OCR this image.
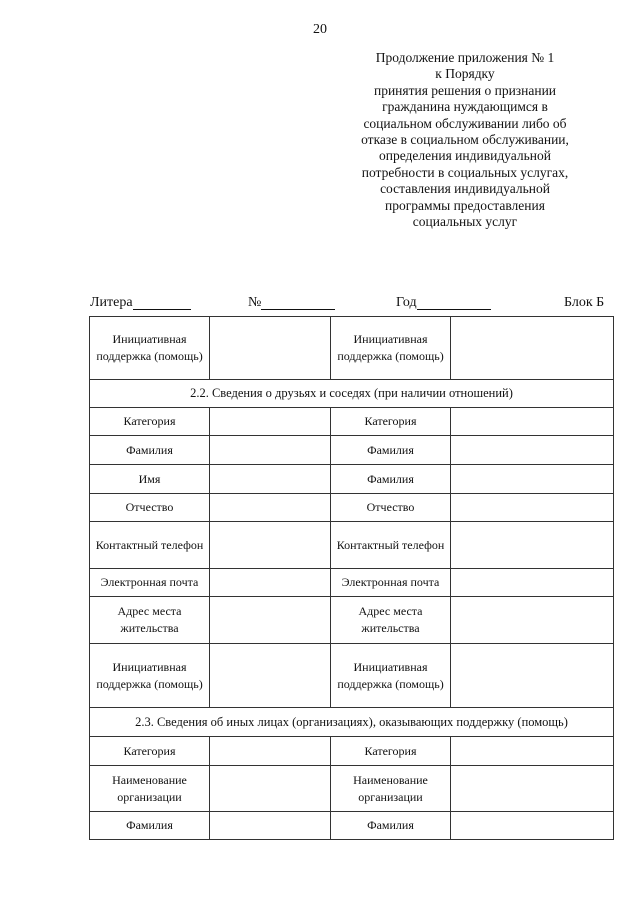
20
Продолжение приложения № 1
к Порядку
принятия решения о признании
гражданина нуждающимся в
социальном обслуживании либо об
отказе в социальном обслуживании,
определения индивидуальной
потребности в социальных услугах,
составления индивидуальной
программы предоставления
социальных услуг
Литера	№	Год	Блок Б
Инициативная поддержка (помощь)		Инициативная поддержка (помощь)	
2.2. Сведения о друзьях и соседях (при наличии отношений)			
Категория		Категория	
Фамилия		Фамилия	
Имя		Фамилия	
Отчество		Отчество	
Контактный телефон		Контактный телефон	
Электронная почта		Электронная почта	
Адрес места жительства		Адрес места жительства	
Инициативная поддержка (помощь)		Инициативная поддержка (помощь)	
2.3. Сведения об иных лицах (организациях), оказывающих поддержку (помощь)			
Категория		Категория	
Наименование организации		Наименование организации	
Фамилия		Фамилия	
